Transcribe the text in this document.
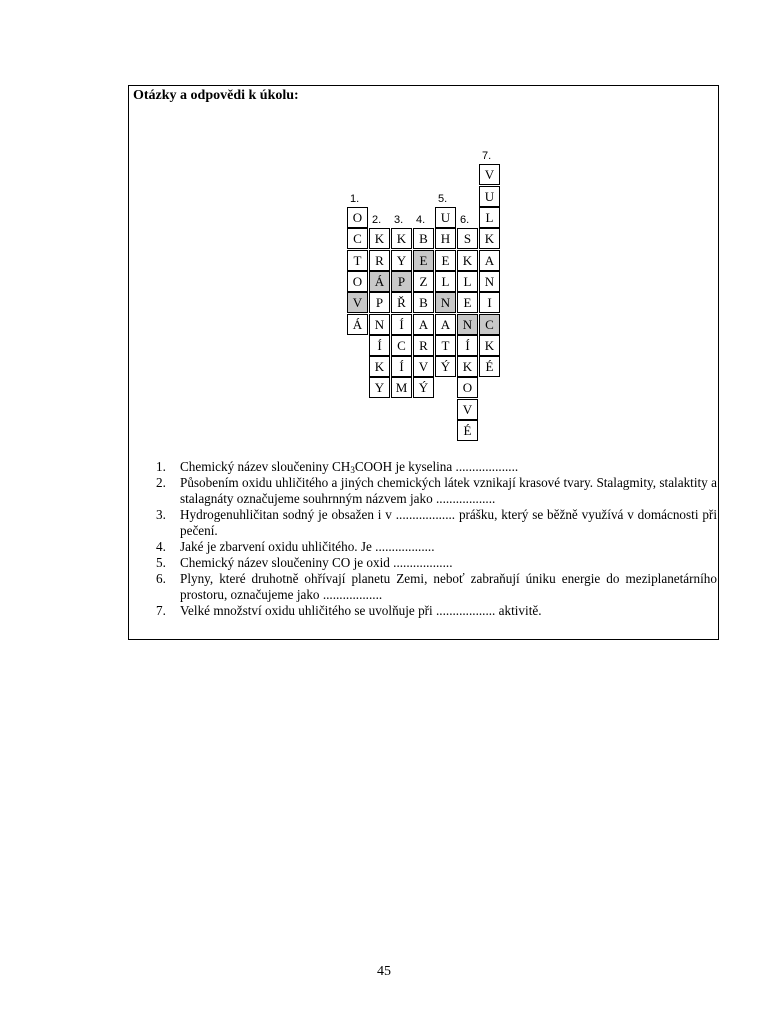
Otázky a odpovědi k úkolu:
1.
O
C
T
O
V
Á
2.
K
R
Á
P
N
Í
K
Y
3.
K
Y
P
Ř
Í
C
Í
M
4.
B
E
Z
B
A
R
V
Ý
5.
U
H
E
L
N
A
T
Ý
6.
S
K
L
E
N
Í
K
O
V
É
7.
V
U
L
K
A
N
I
C
K
É
1. Chemický název sloučeniny $CH_3COOH$ je kyselina ...................
2. Působením oxidu uhličitého a jiných chemických látek vznikají krasové tvary. Stalagmity, stalaktity a stalagnáty označujeme souhrnným názvem jako ..................
3. Hydrogenuhličitan sodný je obsažen i v .................. prášku, který se běžně využívá v domácnosti při pečení.
4. Jaké je zbarvení oxidu uhličitého. Je ..................
5. Chemický název sloučeniny CO je oxid ..................
6. Plyny, které druhotně ohřívají planetu Zemi, neboť zabraňují úniku energie do meziplanetárního prostoru, označujeme jako ..................
7. Velké množství oxidu uhličitého se uvolňuje při .................. aktivitě.
45
